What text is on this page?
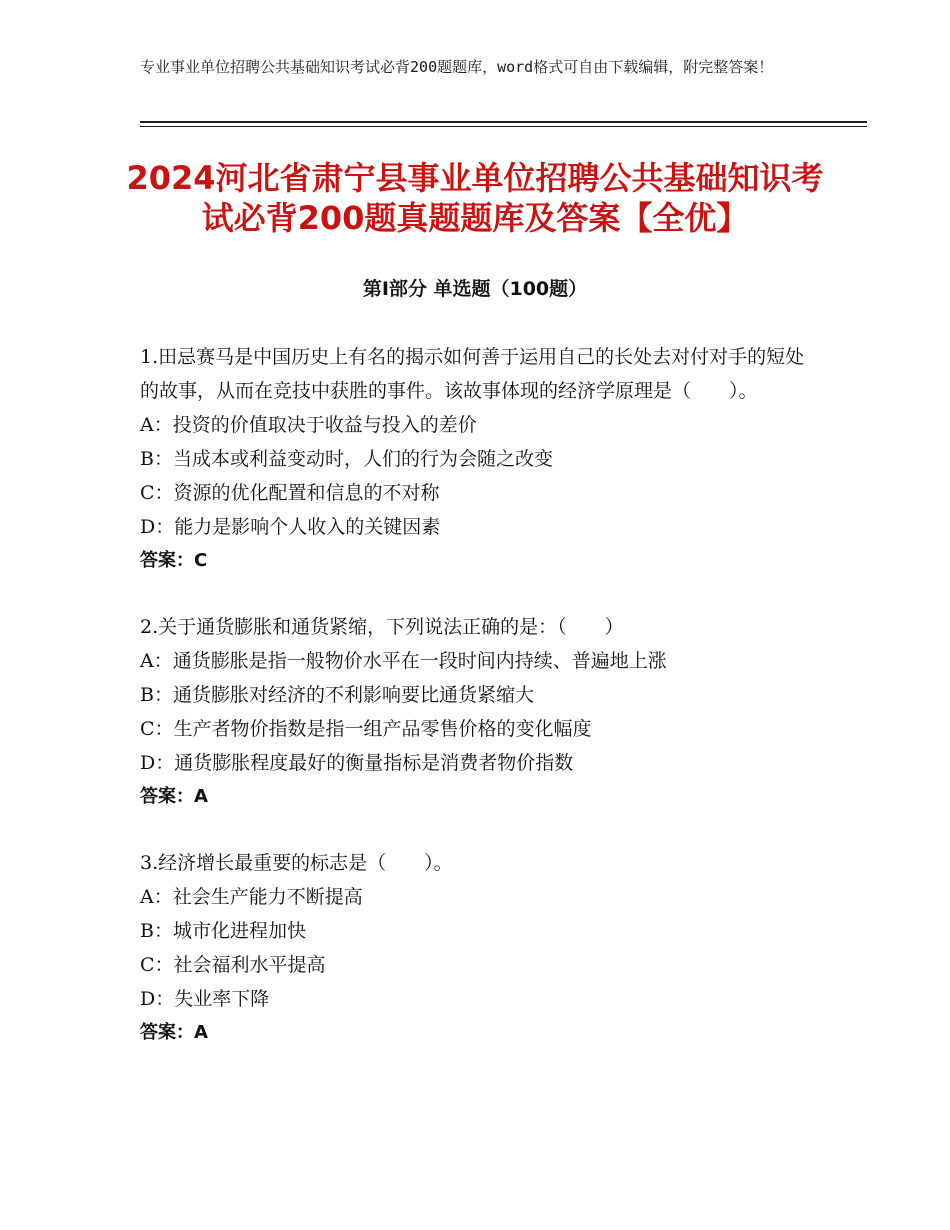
专业事业单位招聘公共基础知识考试必背200题题库，word格式可自由下载编辑，附完整答案！
2024河北省肃宁县事业单位招聘公共基础知识考试必背200题真题题库及答案【全优】
第I部分 单选题（100题）
1.田忌赛马是中国历史上有名的揭示如何善于运用自己的长处去对付对手的短处的故事，从而在竞技中获胜的事件。该故事体现的经济学原理是（　　）。
A：投资的价值取决于收益与投入的差价
B：当成本或利益变动时，人们的行为会随之改变
C：资源的优化配置和信息的不对称
D：能力是影响个人收入的关键因素
答案：C
2.关于通货膨胀和通货紧缩，下列说法正确的是：（　　）
A：通货膨胀是指一般物价水平在一段时间内持续、普遍地上涨
B：通货膨胀对经济的不利影响要比通货紧缩大
C：生产者物价指数是指一组产品零售价格的变化幅度
D：通货膨胀程度最好的衡量指标是消费者物价指数
答案：A
3.经济增长最重要的标志是（　　）。
A：社会生产能力不断提高
B：城市化进程加快
C：社会福利水平提高
D：失业率下降
答案：A
